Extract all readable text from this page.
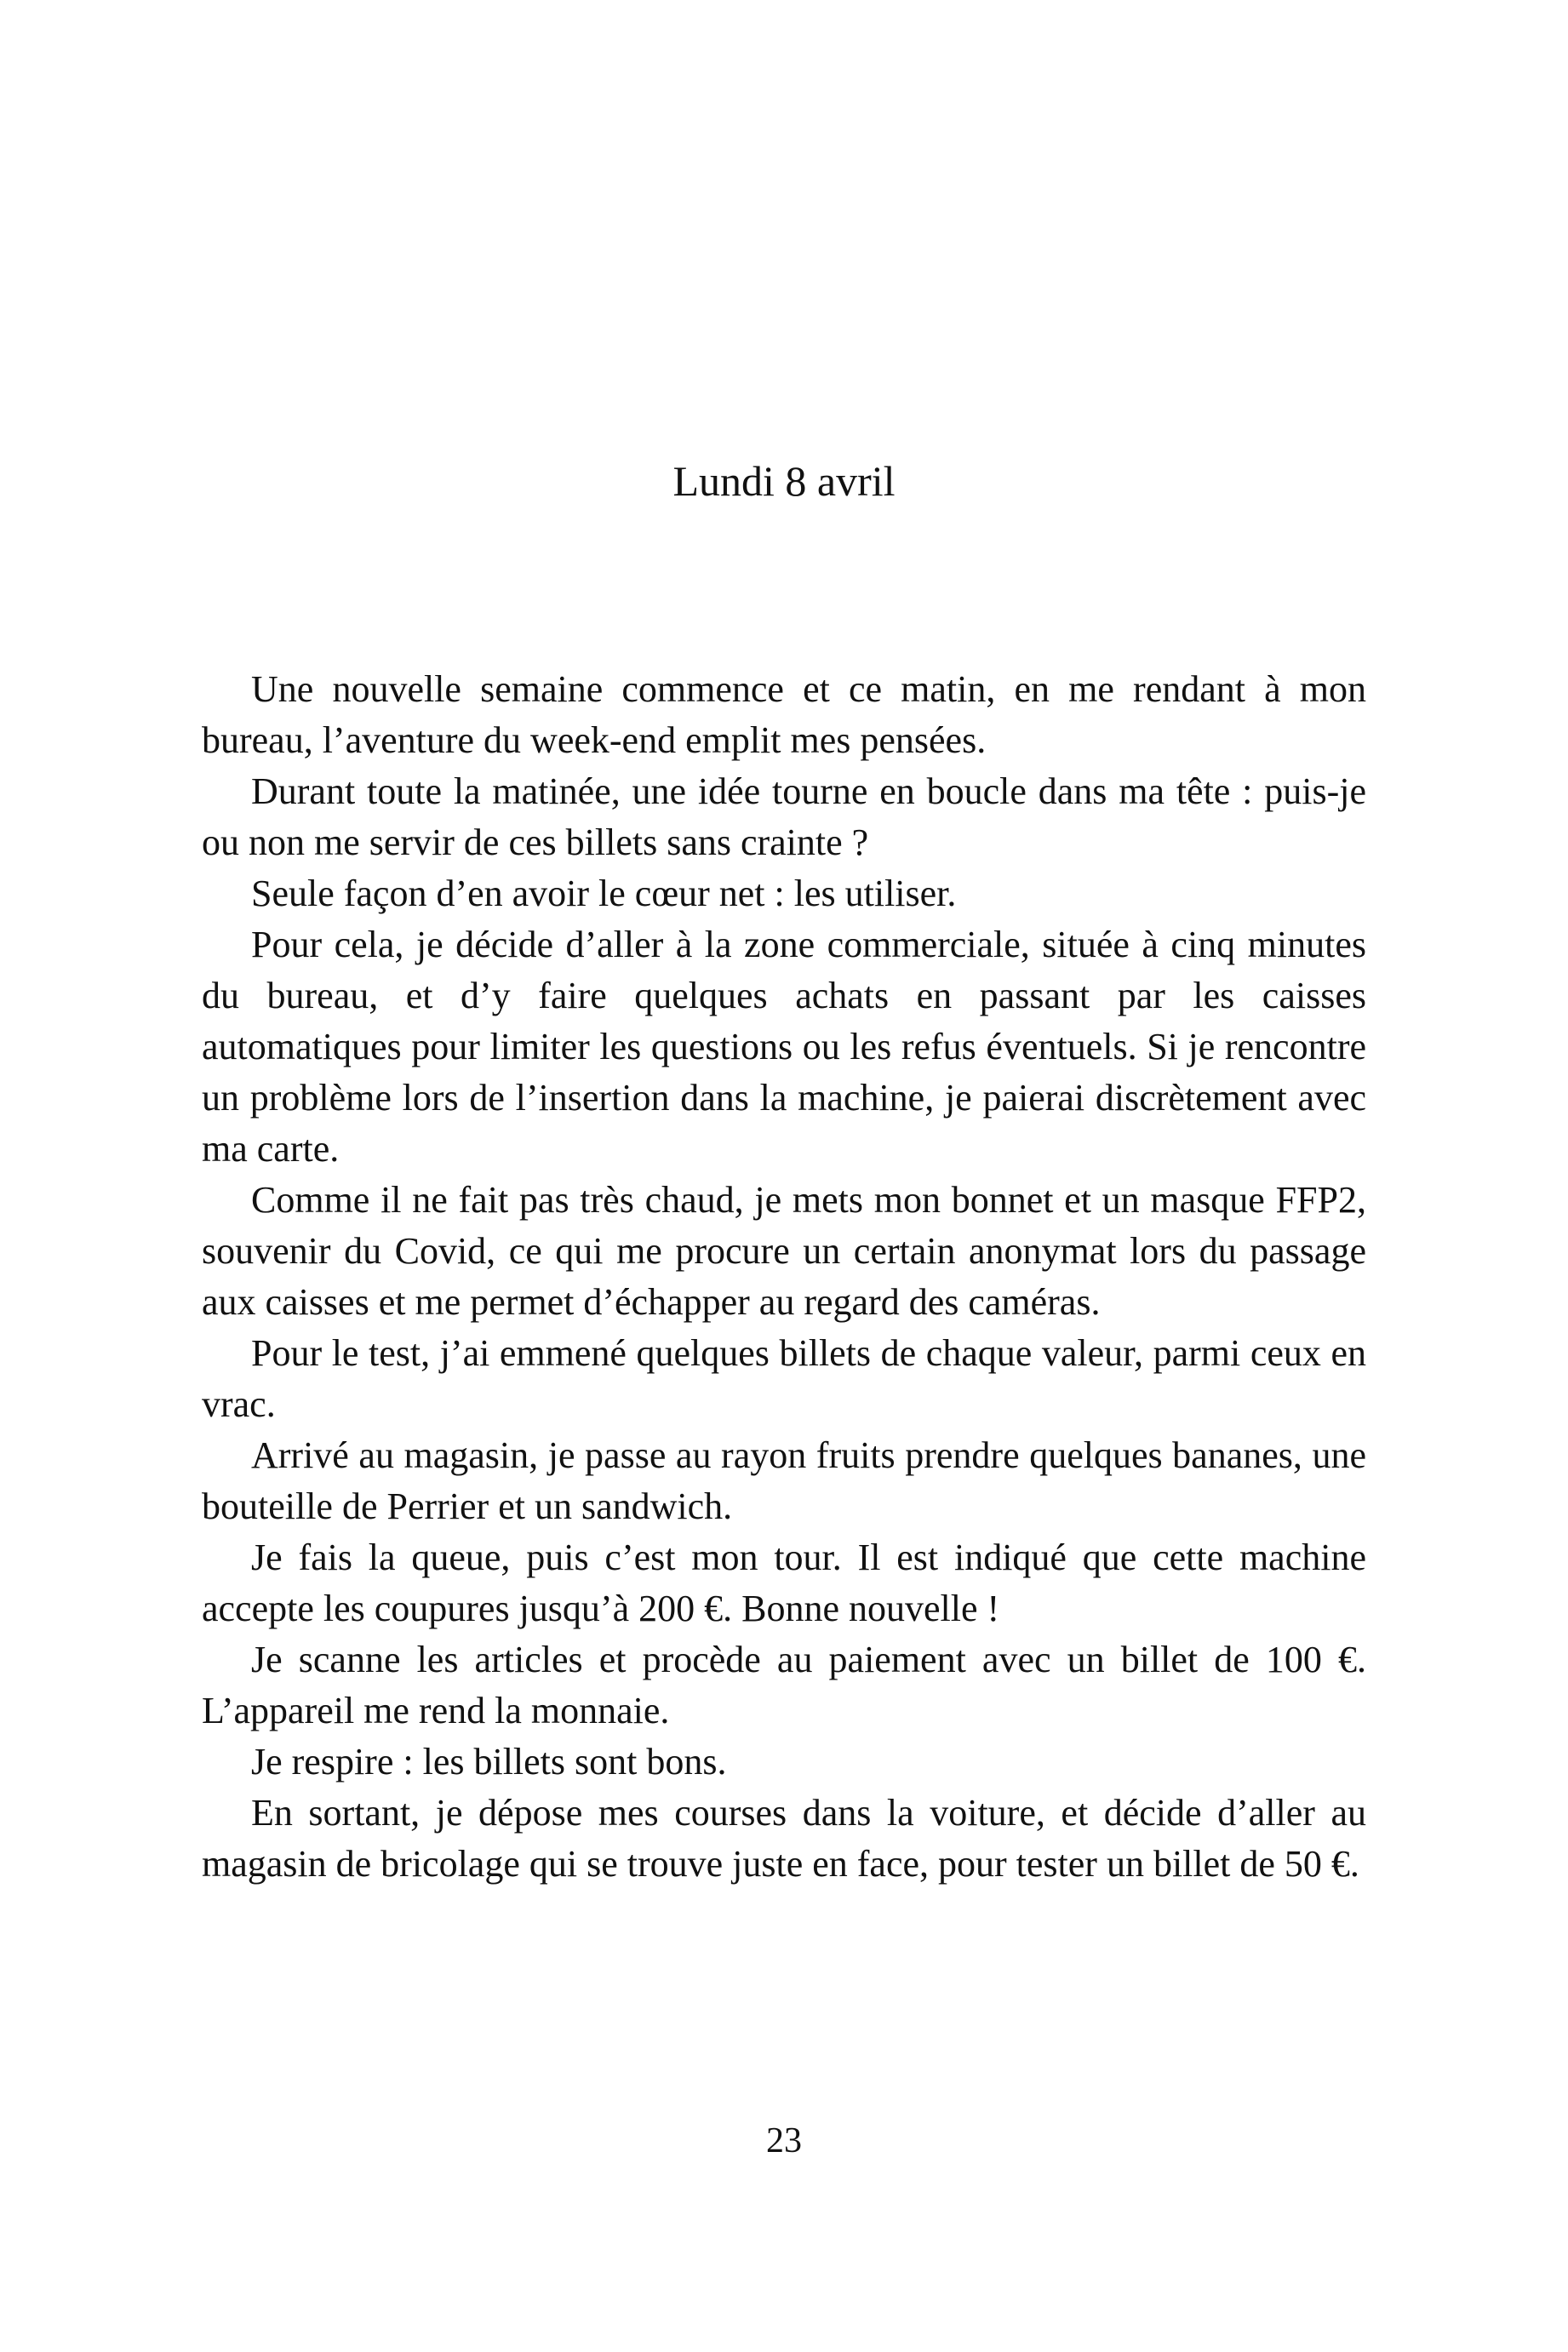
Lundi 8 avril

Une nouvelle semaine commence et ce matin, en me rendant à mon bureau, l’aventure du week-end emplit mes pensées.

Durant toute la matinée, une idée tourne en boucle dans ma tête : puis-je ou non me servir de ces billets sans crainte ?

Seule façon d’en avoir le cœur net : les utiliser.

Pour cela, je décide d’aller à la zone commerciale, située à cinq minutes du bureau, et d’y faire quelques achats en passant par les caisses automatiques pour limiter les questions ou les refus éventuels. Si je rencontre un problème lors de l’insertion dans la machine, je paierai discrètement avec ma carte.

Comme il ne fait pas très chaud, je mets mon bonnet et un masque FFP2, souvenir du Covid, ce qui me procure un certain anonymat lors du passage aux caisses et me permet d’échapper au regard des caméras.

Pour le test, j’ai emmené quelques billets de chaque valeur, parmi ceux en vrac.

Arrivé au magasin, je passe au rayon fruits prendre quelques bananes, une bouteille de Perrier et un sandwich.

Je fais la queue, puis c’est mon tour. Il est indiqué que cette machine accepte les coupures jusqu’à 200 €. Bonne nouvelle !

Je scanne les articles et procède au paiement avec un billet de 100 €. L’appareil me rend la monnaie.

Je respire : les billets sont bons.

En sortant, je dépose mes courses dans la voiture, et décide d’aller au magasin de bricolage qui se trouve juste en face, pour tester un billet de 50 €.

23
